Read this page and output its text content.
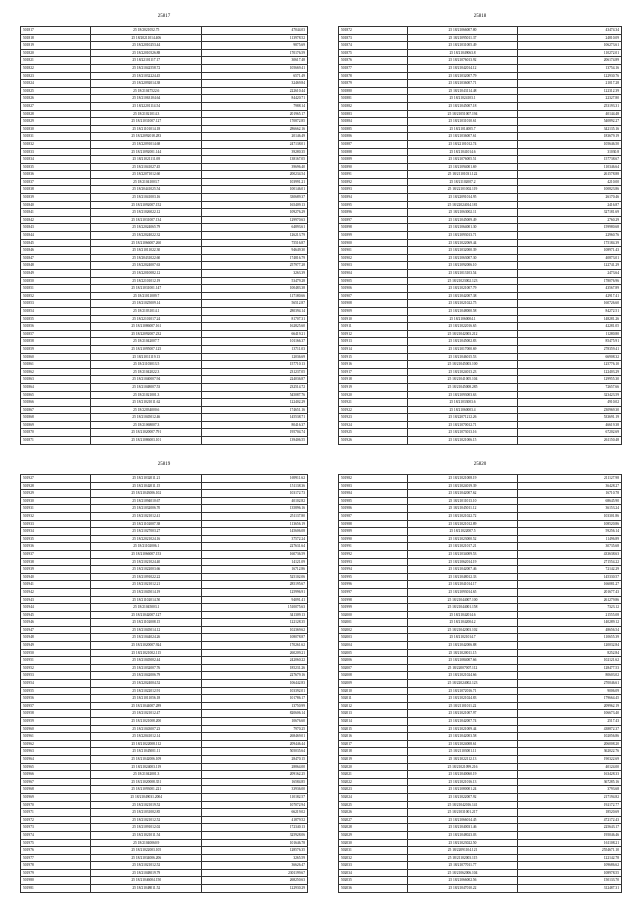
25817
501817	25 18/2021052.75	47044.03
501818	25 18/20211014.406	113978.52
501819	25 18/22010253.44	9875.69
501820	25 18/22010526.88	170176.59
501821	25 18/22101117.17	30617.48
501822	25 18/21042558.72	105669.41
501823	25 18/21032224.45	6571.49
501824	25 18/22092014.38	32469.84
501825	25 18/21047522.6	222610.44
501826	25 18/21063104.64	84420.71
501827	25 18/22201114.54	7988.14
501828	25 18/21021014.3	201965.17
501829	25 18/21031007.127	170872.85
501830	25 18/21101014.18	286662.16
501831	25 18/22092018.283	20146.49
501832	25 18/22091014.68	247138.01
501833	25 18/21092001.144	39280.35
501834	25 18/21021111.08	138167.05
501835	25 18/21041027.45	39696.40
501836	25 18/22071012.60	200234.54
501837	25 18/21041003.7	103991.21
501838	25 18/20441025.54	100146.01
501839	25 18/21041003.16	330689.37
501840	25 18/21092007.152	165409.13
501841	25 18/21026022.12	109276.29
501842	25 18/21031007.134	129970.63
501843	25 18/22024065.79	64893.61
501844	25 18/22024022.32	126213.79
501845	25 18/21066007.260	75516.87
501846	25 18/21011022.30	94649.30
501847	25 18/20431022.60	174816.79
501848	25 18/22024007.63	257977.28
501849	25 18/22010082.12	3263.39
501850	25 18/22101012.19	53479.28
501851	25 18/21031001.147	100483.38
501852	25 18/21011009.7	117180.66
501853	25 18/21025009.14	56512.87
501854	25 18/21031014.1	280394.14
501855	25 18/22101017.24	81707.31
501856	25 18/21086007.161	162825.60
501857	25 18/22092007.232	66419.21
501858	25 18/21042007.7	101166.37
501859	25 18/21095007.125	13711.03
501860	25 18/21011119.13	12036.69
501861	25 18/21103013.5	157710.13
501862	25 18/21042022.3	231237.05
501863	25 18/21040007.94	224036.87
501864	25 18/21048007.53	232514.72
501865	25 18/21021001.3	545087.76
501866	25 18/21021011.62	122402.29
501867	25 18/22034000.6	174651.16
501868	25 18/21045012.46	145538.71
501869	25 18/21068007.3	80416.37
501870	25 18/21020007.791	195704.74
501871	25 18/21086003.101	139406.55
25818
501872	25 18/21066007.80	43474.34
501873	25 18/21095011.37	24810.09
501874	25 18/21031005.49	106273.61
501875	25 18/21049063.8	110272.01
501876	25 18/21076013.92	206174.89
501877	25 18/21042014.12	13754.16
501878	25 18/21032007.79	122930.76
501879	25 18/21036007.71	21017.28
501880	25 18/21043114.48	122312.39
501881	25 18/21024103.1	22327.80
501882	25 18/21045007.18	253193.31
501883	25 18/21051007.194	40144.48
501884	25 18/21031010.61	540892.27
501885	25 18/21014005.7	342135.16
501886	25 18/21036007.61	183679.19
501887	25 18/22101012.74	105646.50
501888	25 18/21041014.6	31030.8
501889	25 18/21076005.51	157738.67
501890	25 18/21094001.69	110346.64
501891	25 18/21101031.122	261578.88
501892	25 18/21102007.2	4210.00
501893	25 18/22101002.119	100823.86
501894	25 18/22091014.95	26170.46
501895	25 18/22024014.181	2416.87
501896	25 18/21063002.11	327181.69
501897	25 18/21045009.49	2760.29
501898	25 18/21064001.30	159980.68
501899	25 18/21093013.71	22960.76
501900	25 18/21022069.44	175184.39
501901	25 18/21032000.39	108971.43
501902	25 18/21063007.30	40873.01
501903	25 18/21092006.10	122741.29
501904	25 18/21013103.54	2473.64
501905	25 18/21023002.123	178076.96
501906	25 18/21021007.79	43567.89
501907	25 18/21042007.38	42917.41
501908	25 18/21021022.75	160726.60
501909	25 18/21048000.58	84272.51
501910	25 18/21060004.1	148281.26
501911	25 18/21022016.65	42281.05
501912	25 18/21042003.212	11280.80
501913	25 18/21045002.83	85475.91
501914	25 18/21017000.69	278359.41
501915	25 18/21046015.53	66908.32
501916	25 18/21045003.100	125776.10
501917	25 18/21024013.23	122403.29
501918	25 18/21041005.104	129955.30
501919	25 18/21045008.285	72657.66
501920	25 18/21093003.63	323423.59
501921	25 18/21033003.6	4910.02
501922	25 18/21060003.4	230969.30
501923	25 18/22071212.26	533691.19
501924	25 18/21070012.71	46619.38
501925	25 18/21073013.16	67202.69
501926	25 18/21021006.15	261150.48
25819
501927	25 18/21032011.21	169911.62
501928	25 18/21042011.15	151138.36
501929	25 18/21043006.102	103172.73
501930	25 18/21094010.67	40102.82
501931	25 18/21032006.70	135896.16
501932	25 18/21021012.41	251137.80
501933	25 18/21102007.38	113656.19
501934	25 18/21027003.27	145606.08
501935	25 18/22021024.16	37572.24
501936	25 18/21102006.1	227631.64
501937	25 18/21066007.153	160736.59
501938	25 18/21021024.40	14121.09
501939	25 18/21022003.66	16712.86
501940	25 18/21091022.22	525102.06
501941	25 18/21021012.21	285195.67
501942	25 18/21045014.19	125996.91
501943	25 18/21102014.50	94091.41
501944	25 18/21045003.1	1510075.63
501945	25 18/21042007.127	341309.13
501946	25 18/21102008.15	122128.35
501947	25 18/21045014.12	102369.62
501948	25 18/21044024.26	108078.87
501949	25 18/21020007.924	170261.62
501950	25 18/21021002.115	260209.21
501951	25 18/21045002.44	242060.22
501952	25 18/21032007.76	185231.26
501953	25 18/21042006.79	227679.16
501954	25 18/22024004.52	106442.83
501955	25 18/21022012.91	103392.01
501956	25 18/21011056.18	101786.17
501957	25 18/21044007.289	13750.99
501958	25 18/21021012.47	820606.14
501959	25 18/21021008.200	10676.60
501960	25 18/21043007.23	7970.25
501961	25 18/22041012.14	268469.01
501962	25 18/21022008.112	209446.44
501963	25 18/21045001.11	505035.64
501964	25 18/21042006.109	28470.15
501965	25 18/21024003.119	28864.00
501966	25 18/21042001.3	209162.25
501967	25 18/21020008.351	16584.85
501968	25 18/21093001.221	33936.00
501969	25 18/21049031.2004	110182.57
501970	25 18/21021019.52	107072.94
501971	25 18/21031002.85	66219.02
501972	25 18/21021012.52	41879.52
501973	25 18/21091012.02	172340.13
501974	25 18/21021011.54	325928.06
501975	25 18/21040060.9	101646.78
501976	25 18/21022003.105	128576.35
501977	25 18/21034006.206	3265.59
501978	25 18/21021012.52	36626.47
501979	25 18/21048019.79	2301199.67
501980	25 18/21046004.150	268250.63
501981	25 18/21048011.52	122930.29
25820
501982	25 18/21021008.19	211127.98
501983	25 18/21024019.39	36428.27
501984	25 18/21042007.62	16710.78
501985	25 18/21011013.10	68645.90
501986	25 18/21045011.12	36153.24
501987	25 18/21021022.72	103301.86
501988	25 18/21021012.89	108520.86
501989	25 18/21022007.5	59256.14
501990	25 18/21023000.52	11496.89
501991	25 18/21021017.21	30735.68
501992	25 18/21034009.53	433638.63
501993	25 18/21062014.19	271554.22
501994	25 18/21042007.46	72142.29
501995	25 18/21048012.33	145330.57
501996	25 18/21041014.17	166081.27
501997	25 18/21093014.65	201677.43
501998	25 18/21044007.100	261279.86
501999	25 18/21044001.158	7323.12
502000	25 18/21042014.6	21555.08
502001	25 18/21042004.2	140289.12
502002	25 18/21042003.102	48656.54
502003	25 18/21021014.7	110655.39
502004	25 18/21042006.88	120032.84
502005	25 18/21020011.15	8252.84
502006	25 18/21084007.66	102121.62
502007	25 18/22007007.112	128477.53
502008	25 18/21021024.66	80603.02
502009	25 18/22024002.123	270046.61
502010	25 18/21072016.71	9006.09
502011	25 18/21021024.83	179664.45
502012	25 18/21101011.22	209962.19
502013	25 18/21021007.97	106673.40
502014	25 18/21042007.74	2517.43
502015	25 18/21021009.44	438872.37
502016	25 18/21042003.58	102056.86
502017	25 18/21024008.61	206008.20
502018	25 18/21103001.11	362022.76
502019	25 18/21022112.13	190322.69
502020	25 18/21021099.216	40124.00
502021	25 18/21040060.19	163428.33
502022	25 18/21021016.13	367285.16
502023	25 18/21080001.24	3793.68
502024	25 18/21022007.92	217194.82
502025	25 18/21042016.141	192172.77
502026	25 18/21031001.217	18520.69
502027	25 18/21066014.45	472172.43
502028	25 18/21040031.46	225643.17
502029	25 18/21048023.03	195046.46
502030	25 18/21023022.50	161108.21
502031	25 18/22091104.121	2554671.10
502032	25 18/21102003.115	122142.78
502033	25 18/21077011.77	109686.62
502034	25 18/21062006.104	108978.55
502035	25 18/21066002.56	150133.70
502036	25 18/21047010.22	312487.31
